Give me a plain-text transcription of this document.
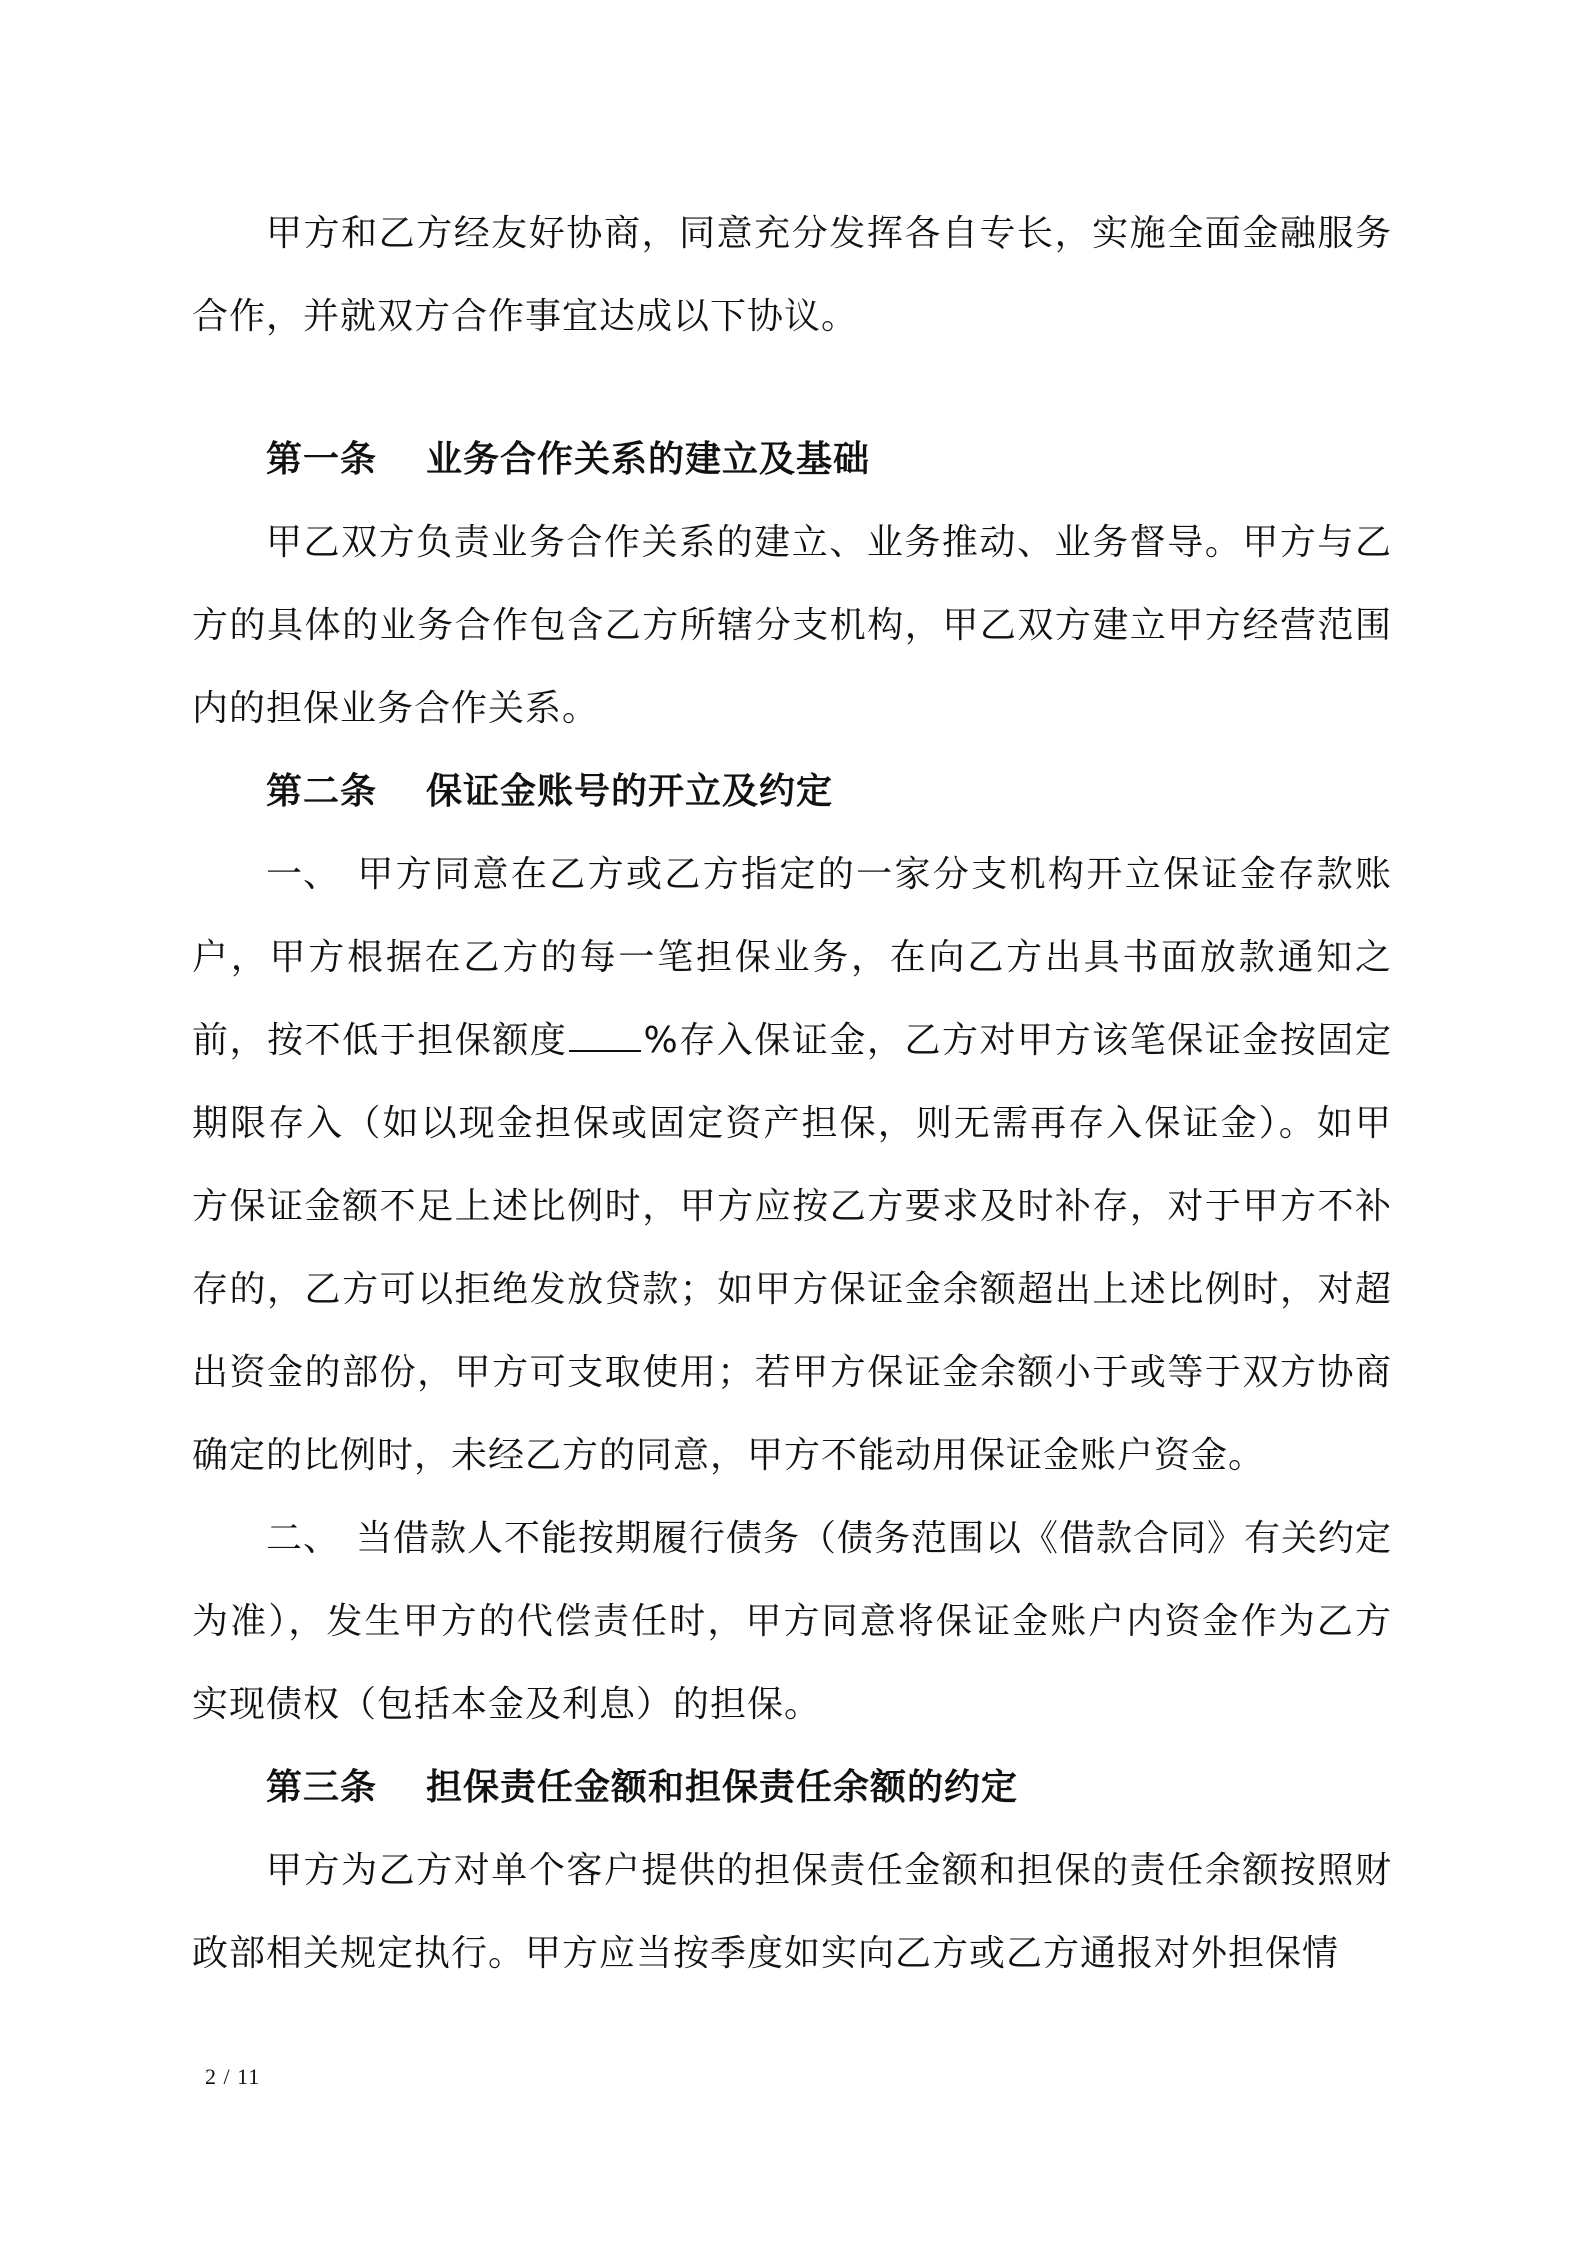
甲方和乙方经友好协商，同意充分发挥各自专长，实施全面金融服务合作，并就双方合作事宜达成以下协议。

第一条 业务合作关系的建立及基础

甲乙双方负责业务合作关系的建立、业务推动、业务督导。甲方与乙方的具体的业务合作包含乙方所辖分支机构，甲乙双方建立甲方经营范围内的担保业务合作关系。

第二条 保证金账号的开立及约定

一、 甲方同意在乙方或乙方指定的一家分支机构开立保证金存款账户，甲方根据在乙方的每一笔担保业务，在向乙方出具书面放款通知之前，按不低于担保额度 %存入保证金，乙方对甲方该笔保证金按固定期限存入（如以现金担保或固定资产担保，则无需再存入保证金）。如甲方保证金额不足上述比例时，甲方应按乙方要求及时补存，对于甲方不补存的，乙方可以拒绝发放贷款；如甲方保证金余额超出上述比例时，对超出资金的部份，甲方可支取使用；若甲方保证金余额小于或等于双方协商确定的比例时，未经乙方的同意，甲方不能动用保证金账户资金。

二、 当借款人不能按期履行债务（债务范围以《借款合同》有关约定为准），发生甲方的代偿责任时，甲方同意将保证金账户内资金作为乙方实现债权（包括本金及利息）的担保。

第三条 担保责任金额和担保责任余额的约定

甲方为乙方对单个客户提供的担保责任金额和担保的责任余额按照财政部相关规定执行。甲方应当按季度如实向乙方或乙方通报对外担保情

2 / 11
